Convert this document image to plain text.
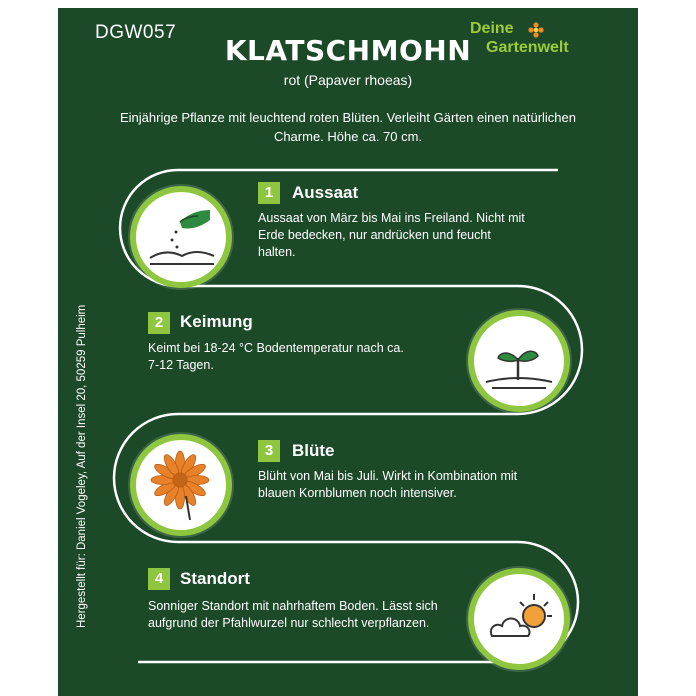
DGW057	Deine
Gartenwelt
KLATSCHMOHN
rot (Papaver rhoeas)
Einjährige Pflanze mit leuchtend roten Blüten. Verleiht Gärten einen natürlichen Charme. Höhe ca. 70 cm.
Hergestellt für: Daniel Vogeley, Auf der Insel 20, 50259 Pulheim
1	Aussaat
Aussaat von März bis Mai ins Freiland. Nicht mit Erde bedecken, nur andrücken und feucht halten.
2 Keimung
Keimt bei 18-24 °C Bodentemperatur nach ca. 7-12 Tagen.
3	Blüte
Blüht von Mai bis Juli. Wirkt in Kombination mit blauen Kornblumen noch intensiver.
4 Standort
Sonniger Standort mit nahrhaftem Boden. Lässt sich aufgrund der Pfahlwurzel nur schlecht verpflanzen.
